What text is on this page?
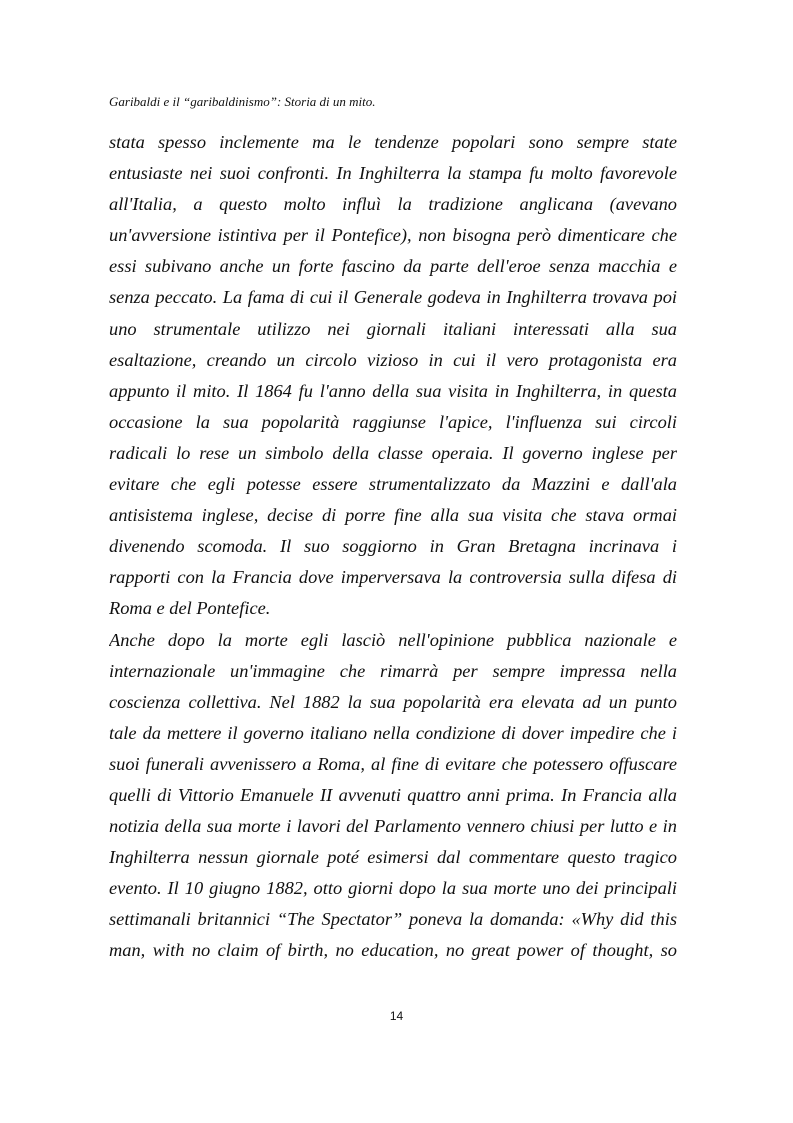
Garibaldi e il “garibaldinismo”: Storia di un mito.
stata spesso inclemente ma le tendenze popolari sono sempre state
entusiaste nei suoi confronti. In Inghilterra la stampa fu molto favorevole
all'Italia, a questo molto influì la tradizione anglicana (avevano
un'avversione istintiva per il Pontefice), non bisogna però dimenticare che
essi subivano anche un forte fascino da parte dell'eroe senza macchia e
senza peccato. La fama di cui il Generale godeva in Inghilterra trovava poi
uno strumentale utilizzo nei giornali italiani interessati alla sua
esaltazione, creando un circolo vizioso in cui il vero protagonista era
appunto il mito. Il 1864 fu l'anno della sua visita in Inghilterra, in questa
occasione la sua popolarità raggiunse l'apice, l'influenza sui circoli
radicali lo rese un simbolo della classe operaia. Il governo inglese per
evitare che egli potesse essere strumentalizzato da Mazzini e dall'ala
antisistema inglese, decise di porre fine alla sua visita che stava ormai
divenendo scomoda. Il suo soggiorno in Gran Bretagna incrinava i
rapporti con la Francia dove imperversava la controversia sulla difesa di
Roma e del Pontefice.
Anche dopo la morte egli lasciò nell'opinione pubblica nazionale e
internazionale un'immagine che rimarrà per sempre impressa nella
coscienza collettiva. Nel 1882 la sua popolarità era elevata ad un punto
tale da mettere il governo italiano nella condizione di dover impedire che i
suoi funerali avvenissero a Roma, al fine di evitare che potessero offuscare
quelli di Vittorio Emanuele II avvenuti quattro anni prima. In Francia alla
notizia della sua morte i lavori del Parlamento vennero chiusi per lutto e in
Inghilterra nessun giornale poté esimersi dal commentare questo tragico
evento. Il 10 giugno 1882, otto giorni dopo la sua morte uno dei principali
settimanali britannici “The Spectator” poneva la domanda: «Why did this
man, with no claim of birth, no education, no great power of thought, so
14
